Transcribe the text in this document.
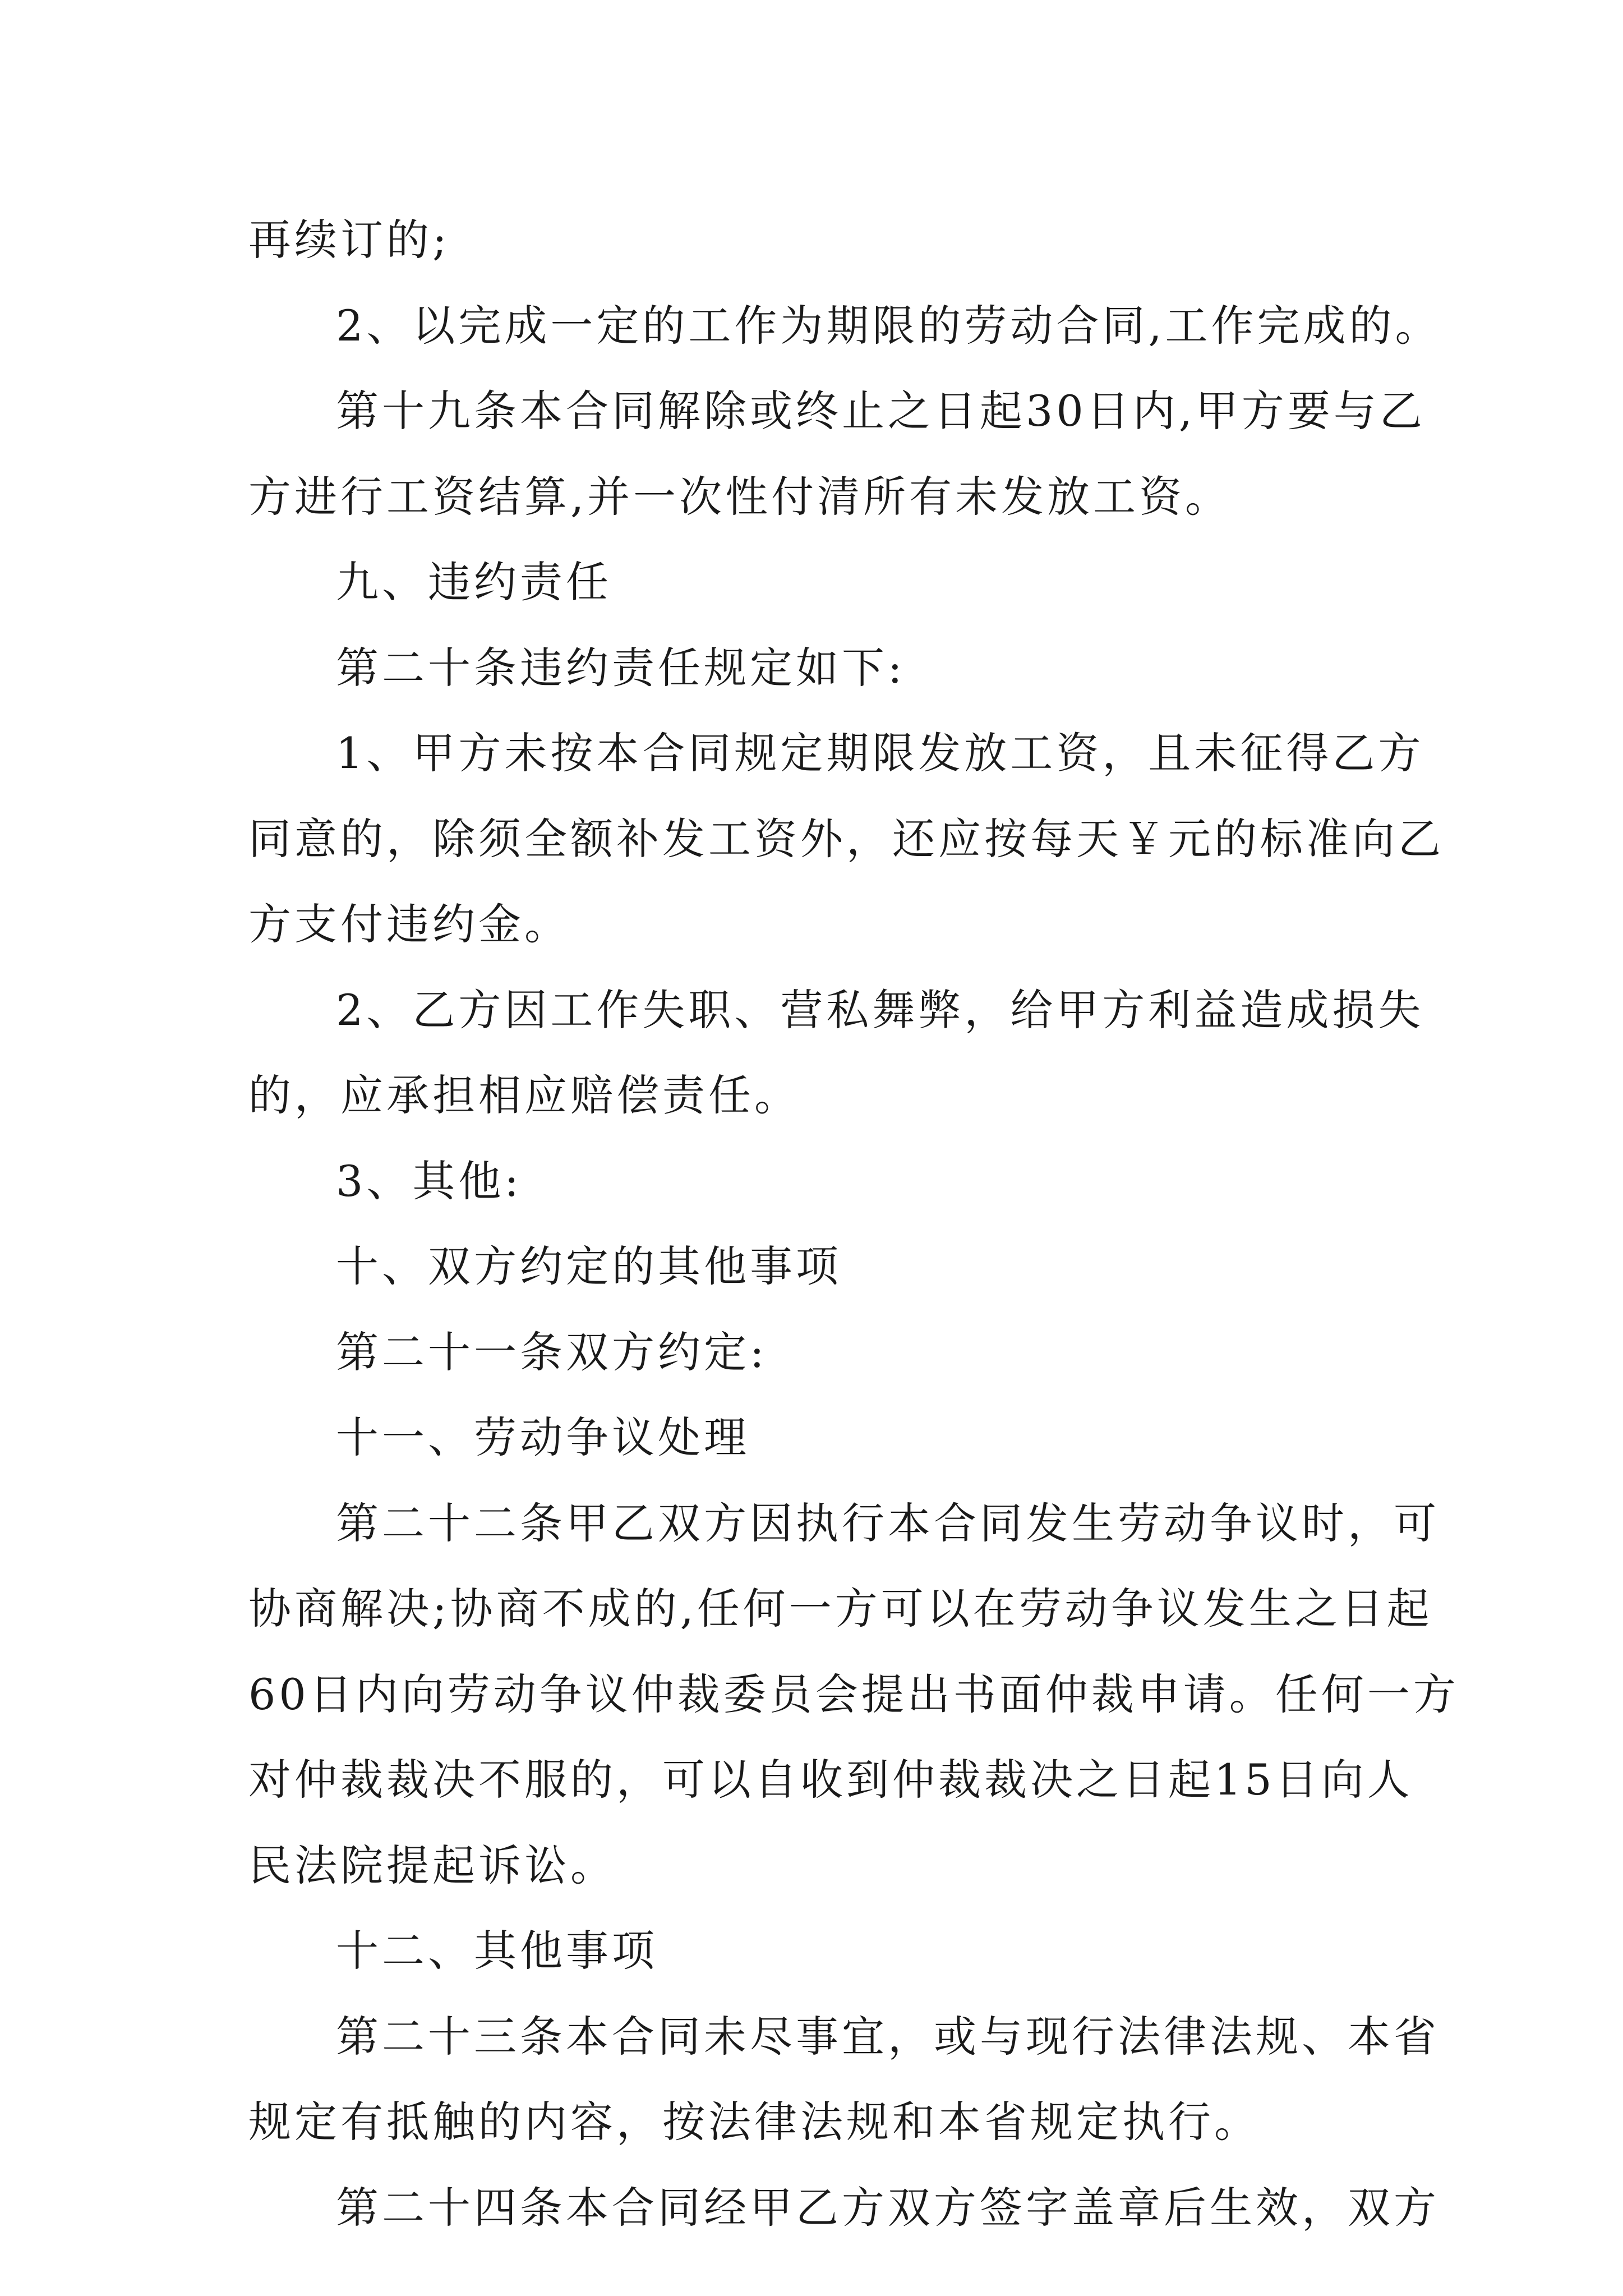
再续订的;
2、以完成一定的工作为期限的劳动合同,工作完成的。
第十九条本合同解除或终止之日起30日内,甲方要与乙
方进行工资结算,并一次性付清所有未发放工资。
九、违约责任
第二十条违约责任规定如下:
1、甲方未按本合同规定期限发放工资，且未征得乙方
同意的，除须全额补发工资外，还应按每天￥元的标准向乙
方支付违约金。
2、乙方因工作失职、营私舞弊，给甲方利益造成损失
的，应承担相应赔偿责任。
3、其他:
十、双方约定的其他事项
第二十一条双方约定:
十一、劳动争议处理
第二十二条甲乙双方因执行本合同发生劳动争议时，可
协商解决;协商不成的,任何一方可以在劳动争议发生之日起
60日内向劳动争议仲裁委员会提出书面仲裁申请。任何一方
对仲裁裁决不服的，可以自收到仲裁裁决之日起15日向人
民法院提起诉讼。
十二、其他事项
第二十三条本合同未尽事宜，或与现行法律法规、本省
规定有抵触的内容，按法律法规和本省规定执行。
第二十四条本合同经甲乙方双方签字盖章后生效，双方
